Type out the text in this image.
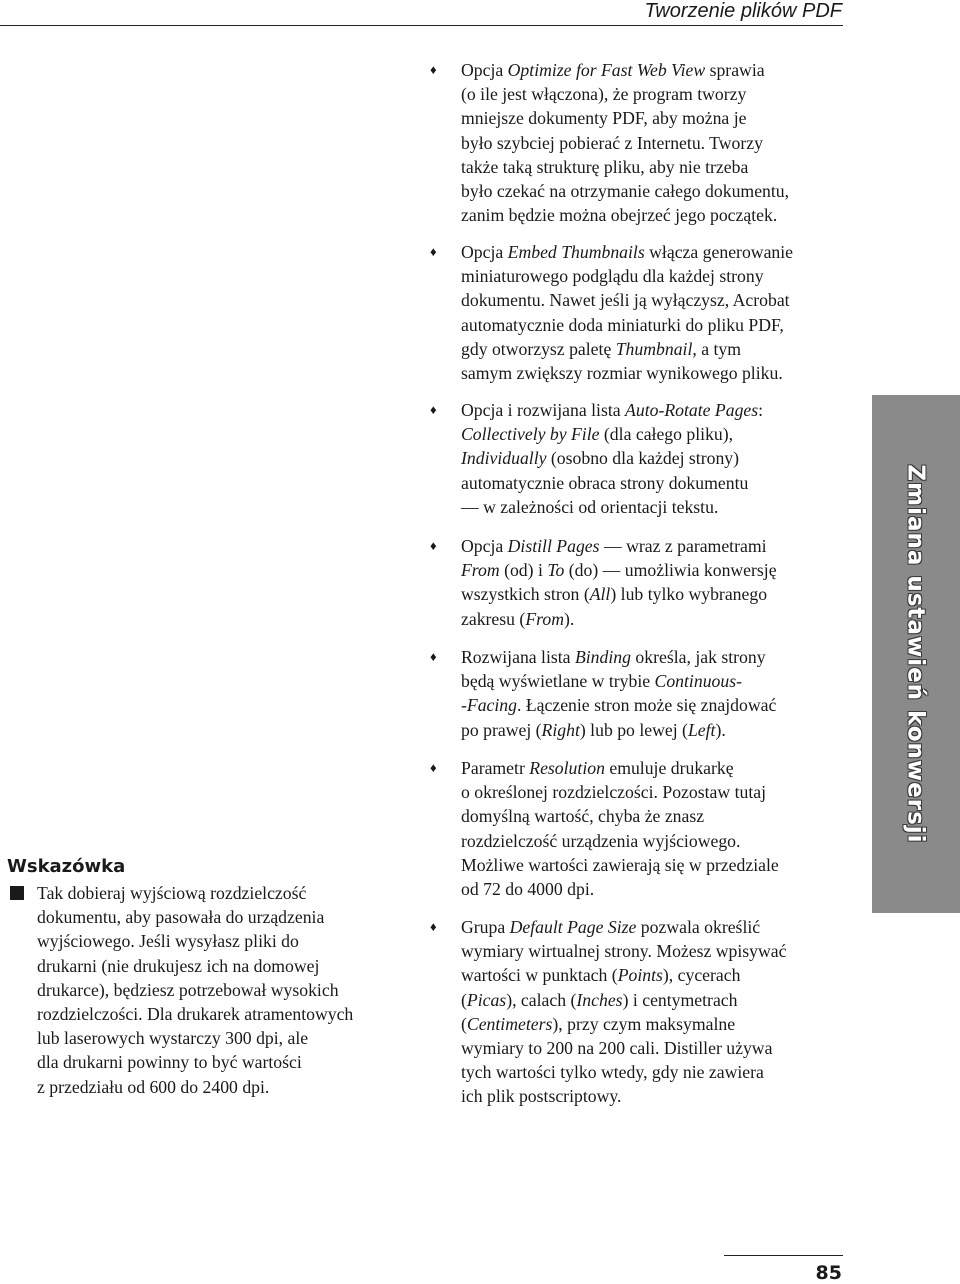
Tworzenie plików PDF
♦ Opcja Optimize for Fast Web View sprawia
(o ile jest włączona), że program tworzy
mniejsze dokumenty PDF, aby można je
było szybciej pobierać z Internetu. Tworzy
także taką strukturę pliku, aby nie trzeba
było czekać na otrzymanie całego dokumentu,
zanim będzie można obejrzeć jego początek.
♦ Opcja Embed Thumbnails włącza generowanie
miniaturowego podglądu dla każdej strony
dokumentu. Nawet jeśli ją wyłączysz, Acrobat
automatycznie doda miniaturki do pliku PDF,
gdy otworzysz paletę Thumbnail, a tym
samym zwiększy rozmiar wynikowego pliku.
♦ Opcja i rozwijana lista Auto-Rotate Pages:
Collectively by File (dla całego pliku),
Individually (osobno dla każdej strony)
automatycznie obraca strony dokumentu
— w zależności od orientacji tekstu.
♦ Opcja Distill Pages — wraz z parametrami
From (od) i To (do) — umożliwia konwersję
wszystkich stron (All) lub tylko wybranego
zakresu (From).
♦ Rozwijana lista Binding określa, jak strony
będą wyświetlane w trybie Continuous-
-Facing. Łączenie stron może się znajdować
po prawej (Right) lub po lewej (Left).
♦ Parametr Resolution emuluje drukarkę
o określonej rozdzielczości. Pozostaw tutaj
domyślną wartość, chyba że znasz
rozdzielczość urządzenia wyjściowego.
Możliwe wartości zawierają się w przedziale
od 72 do 4000 dpi.
♦ Grupa Default Page Size pozwala określić
wymiary wirtualnej strony. Możesz wpisywać
wartości w punktach (Points), cycerach
(Picas), calach (Inches) i centymetrach
(Centimeters), przy czym maksymalne
wymiary to 200 na 200 cali. Distiller używa
tych wartości tylko wtedy, gdy nie zawiera
ich plik postscriptowy.
Zmiana ustawień konwersji
Wskazówka
Tak dobieraj wyjściową rozdzielczość
dokumentu, aby pasowała do urządzenia
wyjściowego. Jeśli wysyłasz pliki do
drukarni (nie drukujesz ich na domowej
drukarce), będziesz potrzebował wysokich
rozdzielczości. Dla drukarek atramentowych
lub laserowych wystarczy 300 dpi, ale
dla drukarni powinny to być wartości
z przedziału od 600 do 2400 dpi.
85
